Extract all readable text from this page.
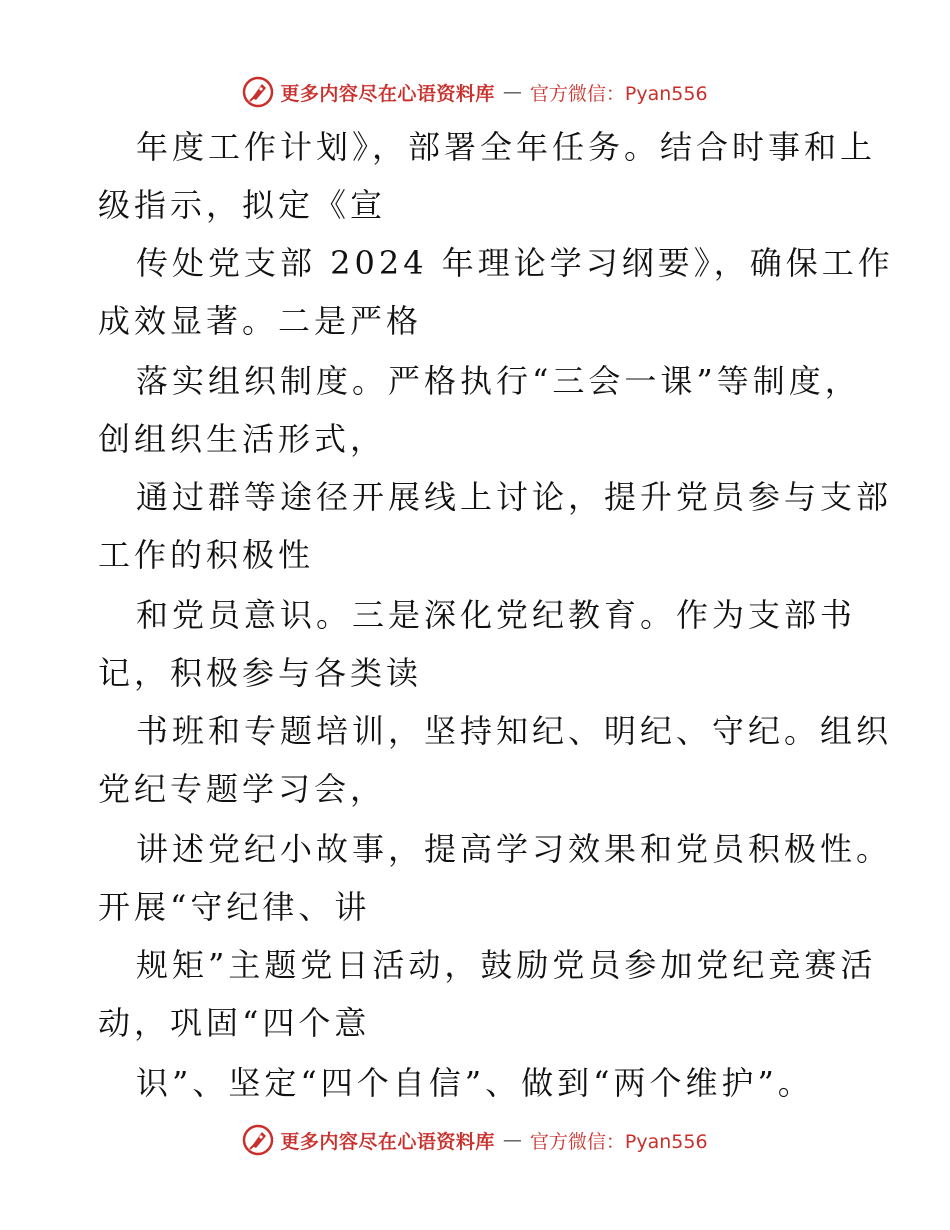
更多内容尽在心语资料库 — 官方微信：Pyan556
年度工作计划》，部署全年任务。结合时事和上
级指示，拟定《宣
传处党支部 2024 年理论学习纲要》，确保工作
成效显著。二是严格
落实组织制度。严格执行“三会一课”等制度，
创组织生活形式，
通过群等途径开展线上讨论，提升党员参与支部
工作的积极性
和党员意识。三是深化党纪教育。作为支部书
记，积极参与各类读
书班和专题培训，坚持知纪、明纪、守纪。组织
党纪专题学习会，
讲述党纪小故事，提高学习效果和党员积极性。
开展“守纪律、讲
规矩”主题党日活动，鼓励党员参加党纪竞赛活
动，巩固“四个意
识”、坚定“四个自信”、做到“两个维护”。
更多内容尽在心语资料库 — 官方微信：Pyan556
